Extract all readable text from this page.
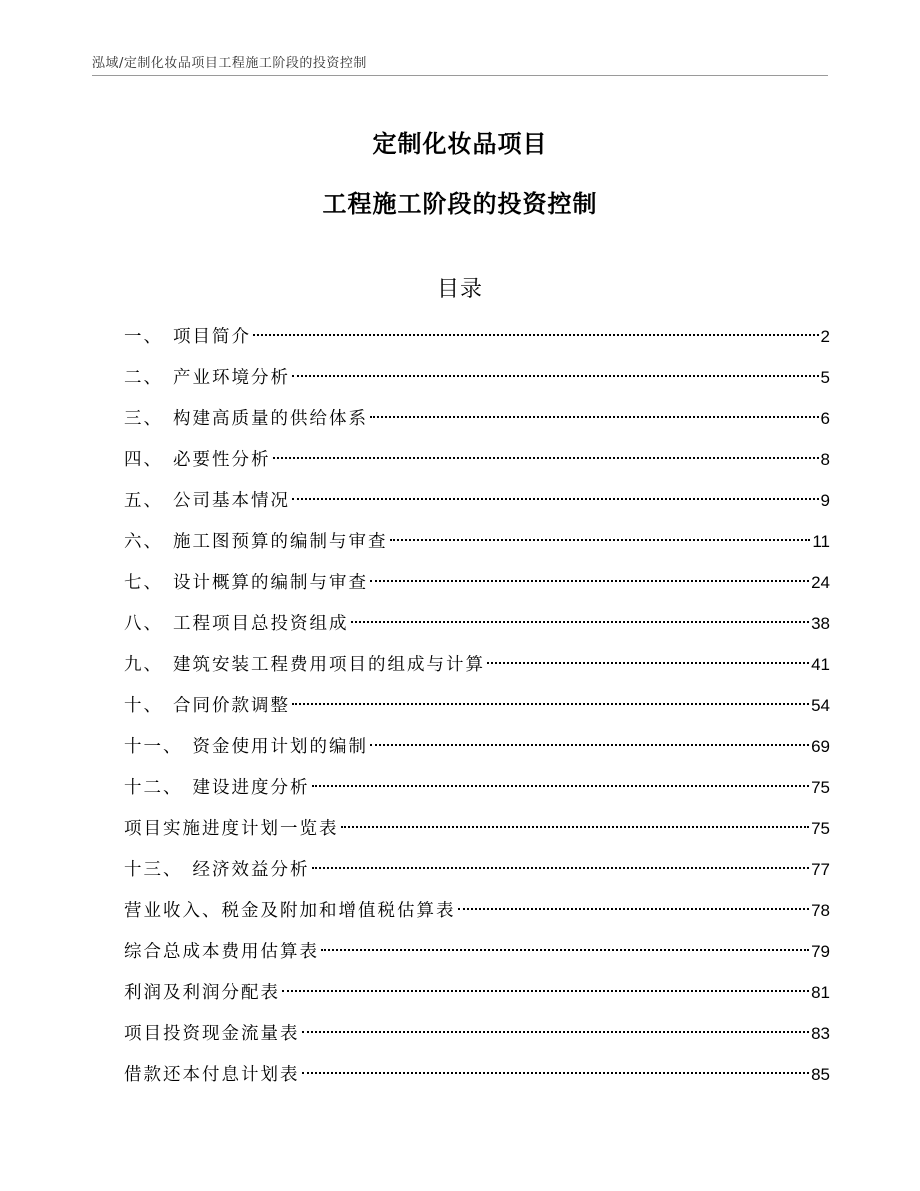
泓域/定制化妆品项目工程施工阶段的投资控制
定制化妆品项目
工程施工阶段的投资控制
目录
一、 项目简介	2
二、 产业环境分析	5
三、 构建高质量的供给体系	6
四、 必要性分析	8
五、 公司基本情况	9
六、 施工图预算的编制与审查	11
七、 设计概算的编制与审查	24
八、 工程项目总投资组成	38
九、 建筑安装工程费用项目的组成与计算	41
十、 合同价款调整	54
十一、 资金使用计划的编制	69
十二、 建设进度分析	75
项目实施进度计划一览表	75
十三、 经济效益分析	77
营业收入、税金及附加和增值税估算表	78
综合总成本费用估算表	79
利润及利润分配表	81
项目投资现金流量表	83
借款还本付息计划表	85
